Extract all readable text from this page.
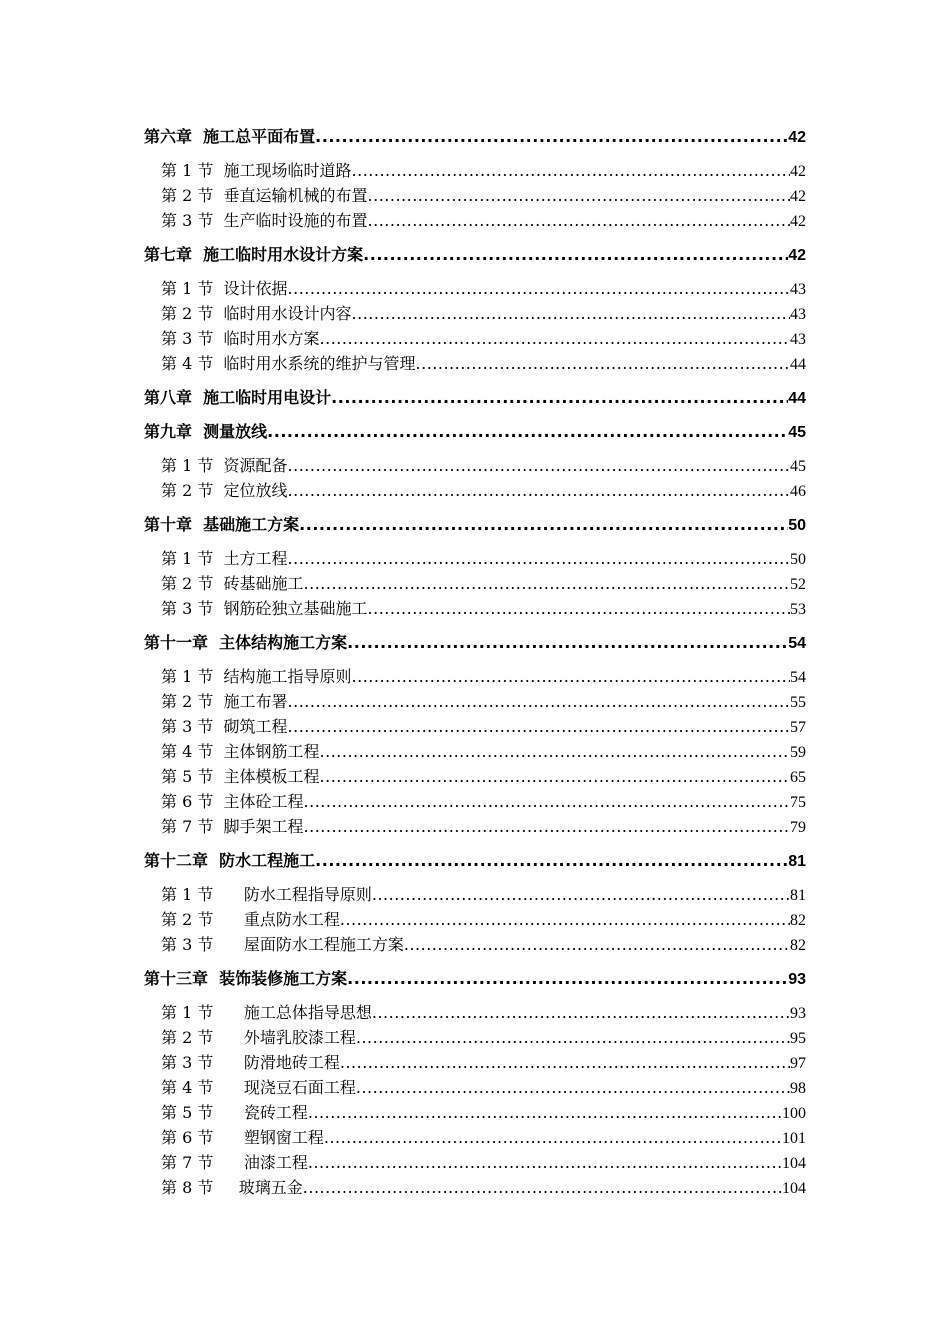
第六章  施工总平面布置 .....	42
第 1 节  施工现场临时道路 .....	42
第 2 节  垂直运输机械的布置 .....	42
第 3 节  生产临时设施的布置 .....	42
第七章  施工临时用水设计方案 .....	42
第 1 节  设计依据 .....	43
第 2 节  临时用水设计内容 .....	43
第 3 节  临时用水方案 .....	43
第 4 节  临时用水系统的维护与管理 .....	44
第八章  施工临时用电设计 .....	44
第九章  测量放线 .....	45
第 1 节  资源配备 .....	45
第 2 节  定位放线 .....	46
第十章  基础施工方案 .....	50
第 1 节  土方工程 .....	50
第 2 节  砖基础施工 .....	52
第 3 节  钢筋砼独立基础施工 .....	53
第十一章  主体结构施工方案 .....	54
第 1 节  结构施工指导原则 .....	54
第 2 节  施工布署 .....	55
第 3 节  砌筑工程 .....	57
第 4 节  主体钢筋工程 .....	59
第 5 节  主体模板工程 .....	65
第 6 节  主体砼工程 .....	75
第 7 节  脚手架工程 .....	79
第十二章  防水工程施工 .....	81
第 1 节      防水工程指导原则 .....	81
第 2 节      重点防水工程 .....	82
第 3 节      屋面防水工程施工方案 .....	82
第十三章  装饰装修施工方案 .....	93
第 1 节      施工总体指导思想 .....	93
第 2 节      外墙乳胶漆工程 .....	95
第 3 节      防滑地砖工程 .....	97
第 4 节      现浇豆石面工程 .....	98
第 5 节      瓷砖工程 .....	100
第 6 节      塑钢窗工程 .....	101
第 7 节      油漆工程 .....	104
第 8 节     玻璃五金 .....	104
